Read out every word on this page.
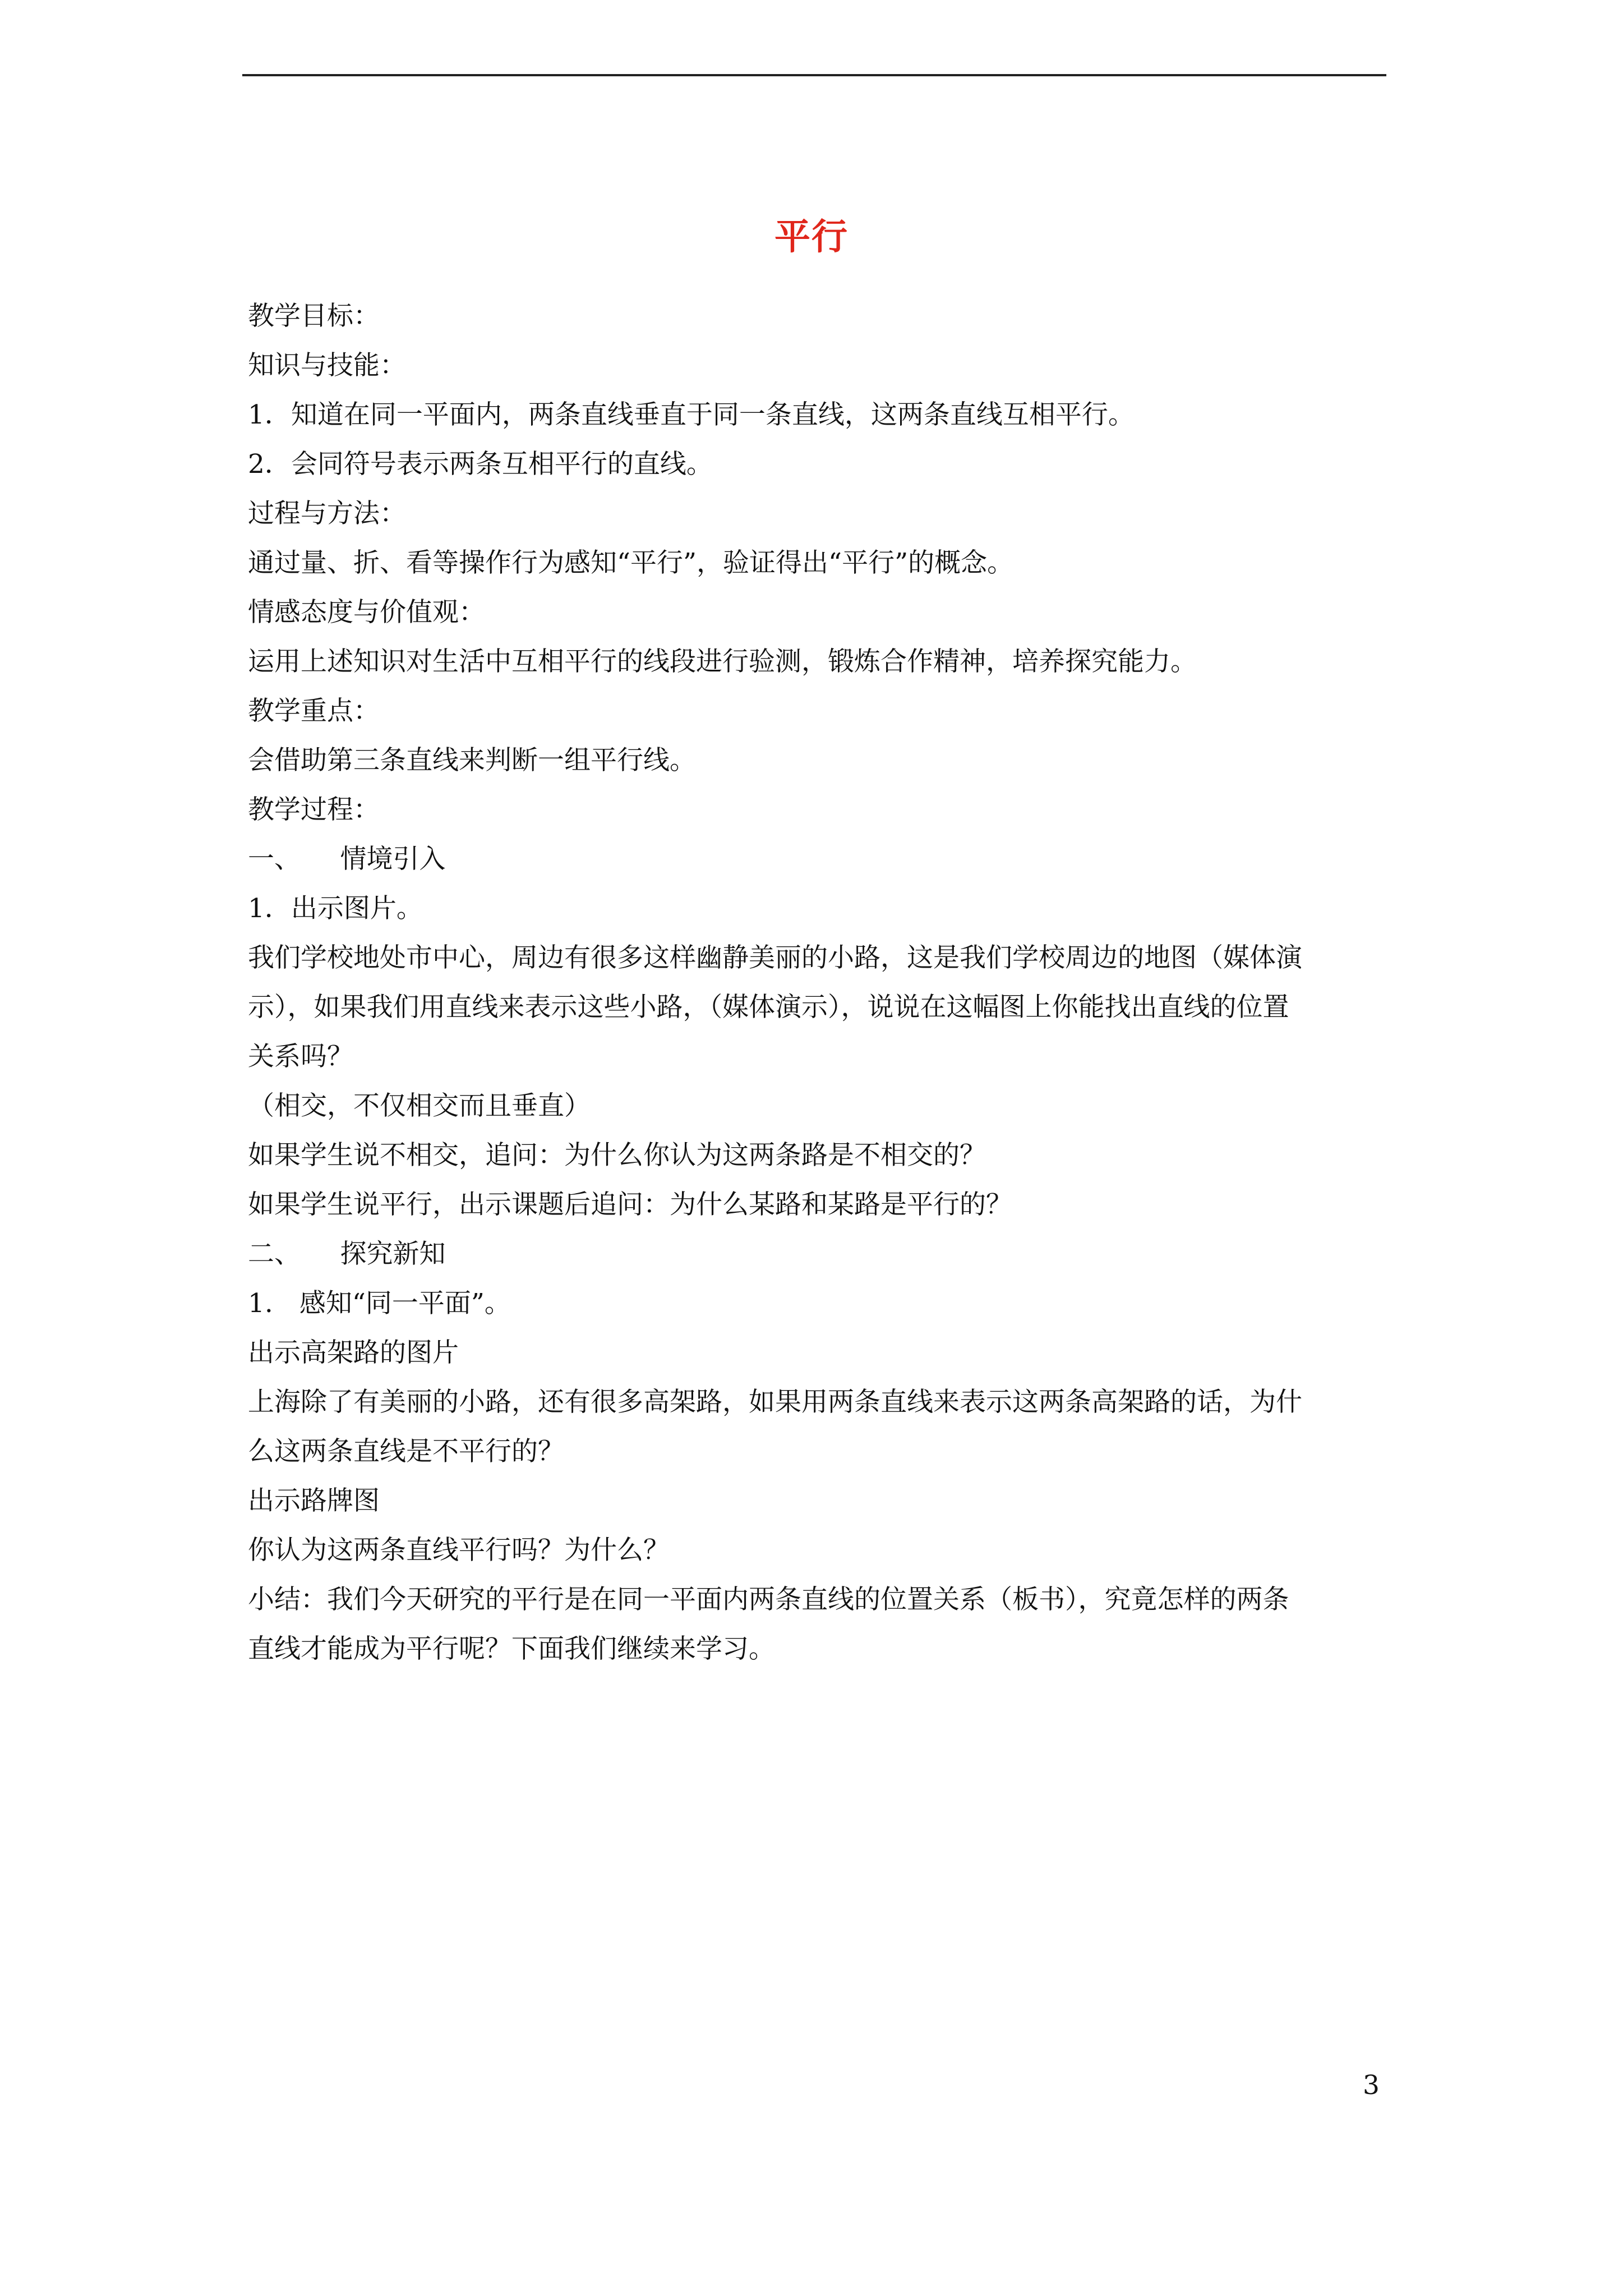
平行

教学目标：

知识与技能：

1．知道在同一平面内，两条直线垂直于同一条直线，这两条直线互相平行。

2．会同符号表示两条互相平行的直线。

过程与方法：

通过量、折、看等操作行为感知“平行”，验证得出“平行”的概念。

情感态度与价值观：

运用上述知识对生活中互相平行的线段进行验测，锻炼合作精神，培养探究能力。

教学重点：

会借助第三条直线来判断一组平行线。

教学过程：

一、　　情境引入

1．出示图片。

我们学校地处市中心，周边有很多这样幽静美丽的小路，这是我们学校周边的地图（媒体演

示），如果我们用直线来表示这些小路，（媒体演示），说说在这幅图上你能找出直线的位置

关系吗？

（相交，不仅相交而且垂直）

如果学生说不相交，追问：为什么你认为这两条路是不相交的？

如果学生说平行，出示课题后追问：为什么某路和某路是平行的？

二、　　探究新知

1.　感知“同一平面”。

出示高架路的图片

上海除了有美丽的小路，还有很多高架路，如果用两条直线来表示这两条高架路的话，为什

么这两条直线是不平行的？

出示路牌图

你认为这两条直线平行吗？为什么？

小结：我们今天研究的平行是在同一平面内两条直线的位置关系（板书），究竟怎样的两条

直线才能成为平行呢？下面我们继续来学习。

3
